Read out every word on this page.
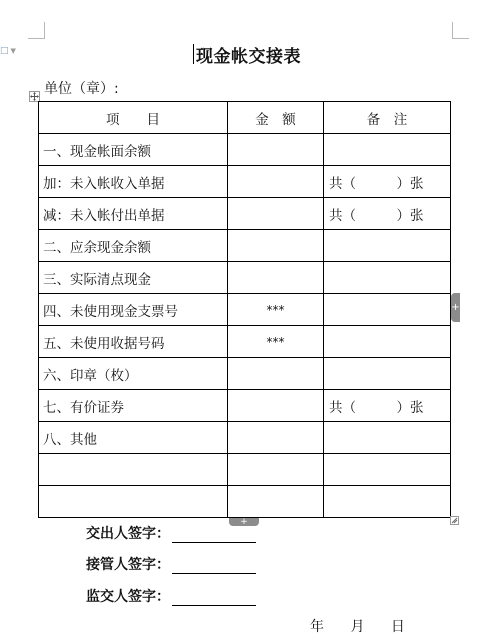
□ ▼	现金帐交接表
单位（章）:
项　　目	金　额	备　注
一、现金帐面余额		
加：未入帐收入单据		共（　　　）张
减：未入帐付出单据		共（　　　）张
二、应余现金余额		
三、实际清点现金		
四、未使用现金支票号	***	
五、未使用收据号码	***	
六、印章（枚）		
七、有价证券		共（　　　）张
八、其他		

+
+
交出人签字：
接管人签字：
监交人签字：
年 月 日
